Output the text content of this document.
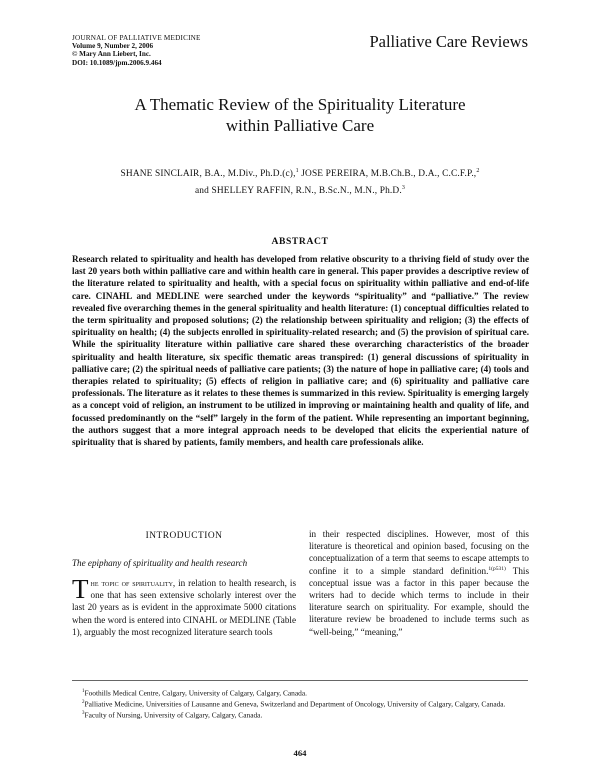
JOURNAL OF PALLIATIVE MEDICINE
Volume 9, Number 2, 2006
© Mary Ann Liebert, Inc.
DOI: 10.1089/jpm.2006.9.464
Palliative Care Reviews
A Thematic Review of the Spirituality Literature
within Palliative Care
SHANE SINCLAIR, B.A., M.Div., Ph.D.(c),$^1$ JOSE PEREIRA, M.B.Ch.B., D.A., C.C.F.P.,$^2$
and SHELLEY RAFFIN, R.N., B.Sc.N., M.N., Ph.D.$^3$
ABSTRACT
Research related to spirituality and health has developed from relative obscurity to a thriving field of study over the last 20 years both within palliative care and within health care in general. This paper provides a descriptive review of the literature related to spirituality and health, with a special focus on spirituality within palliative and end-of-life care. CINAHL and MEDLINE were searched under the keywords “spirituality” and “palliative.” The review revealed five overarching themes in the general spirituality and health literature: (1) conceptual difficulties related to the term spirituality and proposed solutions; (2) the relationship between spirituality and religion; (3) the effects of spirituality on health; (4) the subjects enrolled in spirituality-related research; and (5) the provision of spiritual care. While the spirituality literature within palliative care shared these overarching characteristics of the broader spirituality and health literature, six specific thematic areas transpired: (1) general discussions of spirituality in palliative care; (2) the spiritual needs of palliative care patients; (3) the nature of hope in palliative care; (4) tools and therapies related to spirituality; (5) effects of religion in palliative care; and (6) spirituality and palliative care professionals. The literature as it relates to these themes is summarized in this review. Spirituality is emerging largely as a concept void of religion, an instrument to be utilized in improving or maintaining health and quality of life, and focussed predominantly on the “self” largely in the form of the patient. While representing an important beginning, the authors suggest that a more integral approach needs to be developed that elicits the experiential nature of spirituality that is shared by patients, family members, and health care professionals alike.
INTRODUCTION
The epiphany of spirituality and health research
The topic of spirituality, in relation to health research, is one that has seen extensive scholarly interest over the last 20 years as is evident in the approximate 5000 citations when the word is entered into CINAHL or MEDLINE (Table 1), arguably the most recognized literature search tools
in their respected disciplines. However, most of this literature is theoretical and opinion based, focusing on the conceptualization of a term that seems to escape attempts to confine it to a simple standard definition.$^{1(p531)}$ This conceptual issue was a factor in this paper because the writers had to decide which terms to include in their literature search on spirituality. For example, should the literature review be broadened to include terms such as “well-being,” “meaning,”

$^1$Foothills Medical Centre, Calgary, University of Calgary, Calgary, Canada.

$^2$Palliative Medicine, Universities of Lausanne and Geneva, Switzerland and Department of Oncology, University of Calgary, Calgary, Canada.

$^3$Faculty of Nursing, University of Calgary, Calgary, Canada.

464
